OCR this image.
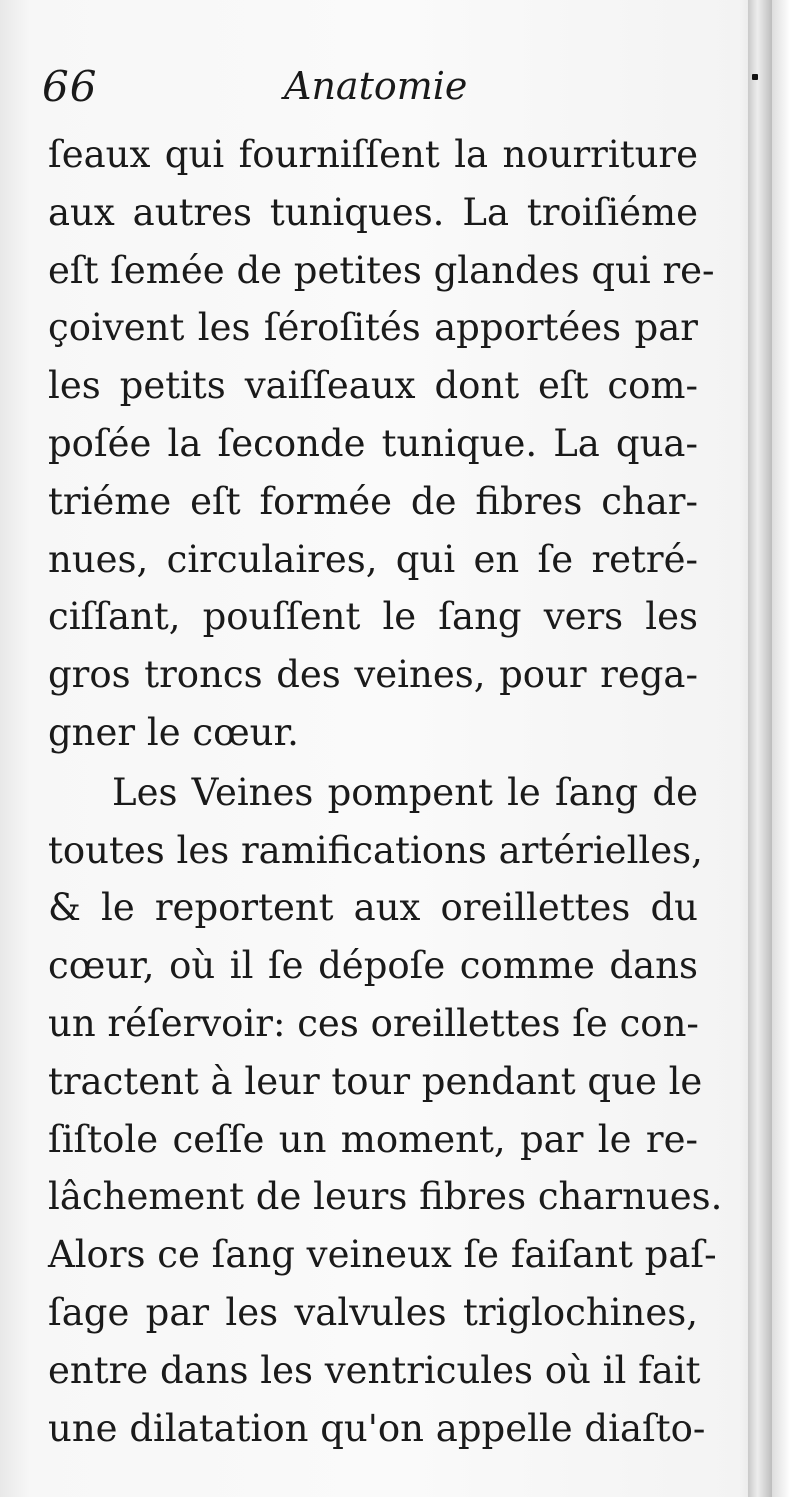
66	Anatomie
ſeaux qui fourniſſent la nourriture
aux autres tuniques. La troiſiéme
eſt ſemée de petites glandes qui re-
çoivent les ſéroſités apportées par
les petits vaiſſeaux dont eſt com-
poſée la ſeconde tunique. La qua-
triéme eſt formée de fibres char-
nues, circulaires, qui en ſe retré-
ciſſant, pouſſent le ſang vers les
gros troncs des veines, pour rega-
gner le cœur.
Les Veines pompent le ſang de
toutes les ramifications artérielles,
& le reportent aux oreillettes du
cœur, où il ſe dépoſe comme dans
un réſervoir: ces oreillettes ſe con-
tractent à leur tour pendant que le
ſiſtole ceſſe un moment, par le re-
lâchement de leurs fibres charnues.
Alors ce ſang veineux ſe faiſant paſ-
ſage par les valvules triglochines,
entre dans les ventricules où il fait
une dilatation qu'on appelle diaſto-
